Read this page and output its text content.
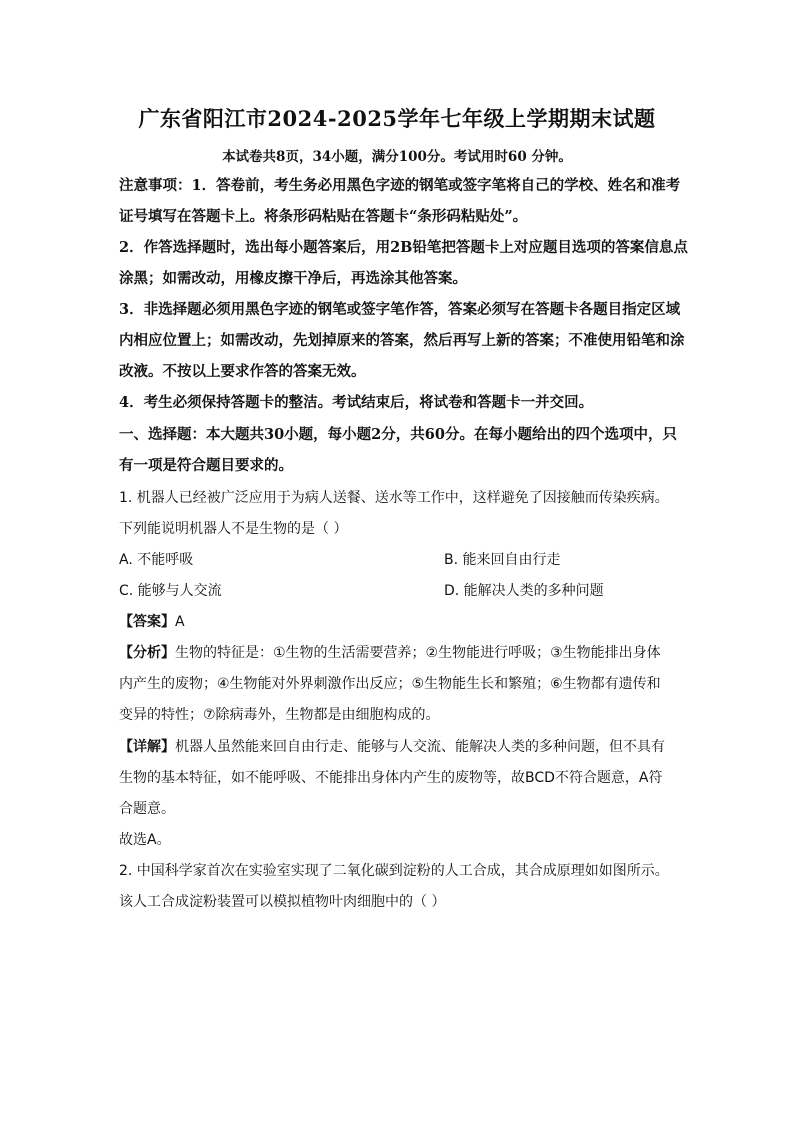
广东省阳江市2024-2025学年七年级上学期期末试题
本试卷共8页，34小题，满分100分。考试用时60 分钟。
注意事项：1．答卷前，考生务必用黑色字迹的钢笔或签字笔将自己的学校、姓名和准考
证号填写在答题卡上。将条形码粘贴在答题卡“条形码粘贴处”。
2．作答选择题时，选出每小题答案后，用2B铅笔把答题卡上对应题目选项的答案信息点
涂黑；如需改动，用橡皮擦干净后，再选涂其他答案。
3．非选择题必须用黑色字迹的钢笔或签字笔作答，答案必须写在答题卡各题目指定区域
内相应位置上；如需改动，先划掉原来的答案，然后再写上新的答案；不准使用铅笔和涂
改液。不按以上要求作答的答案无效。
4．考生必须保持答题卡的整洁。考试结束后，将试卷和答题卡一并交回。
一、选择题：本大题共30小题，每小题2分，共60分。在每小题给出的四个选项中，只
有一项是符合题目要求的。
1. 机器人已经被广泛应用于为病人送餐、送水等工作中，这样避免了因接触而传染疾病。
下列能说明机器人不是生物的是（ ）
A. 不能呼吸	B. 能来回自由行走
C. 能够与人交流	D. 能解决人类的多种问题
【答案】A
【分析】生物的特征是：①生物的生活需要营养；②生物能进行呼吸；③生物能排出身体
内产生的废物；④生物能对外界刺激作出反应；⑤生物能生长和繁殖；⑥生物都有遗传和
变异的特性；⑦除病毒外，生物都是由细胞构成的。
【详解】机器人虽然能来回自由行走、能够与人交流、能解决人类的多种问题，但不具有
生物的基本特征，如不能呼吸、不能排出身体内产生的废物等，故BCD不符合题意，A符
合题意。
故选A。
2. 中国科学家首次在实验室实现了二氧化碳到淀粉的人工合成，其合成原理如如图所示。
该人工合成淀粉装置可以模拟植物叶肉细胞中的（ ）
